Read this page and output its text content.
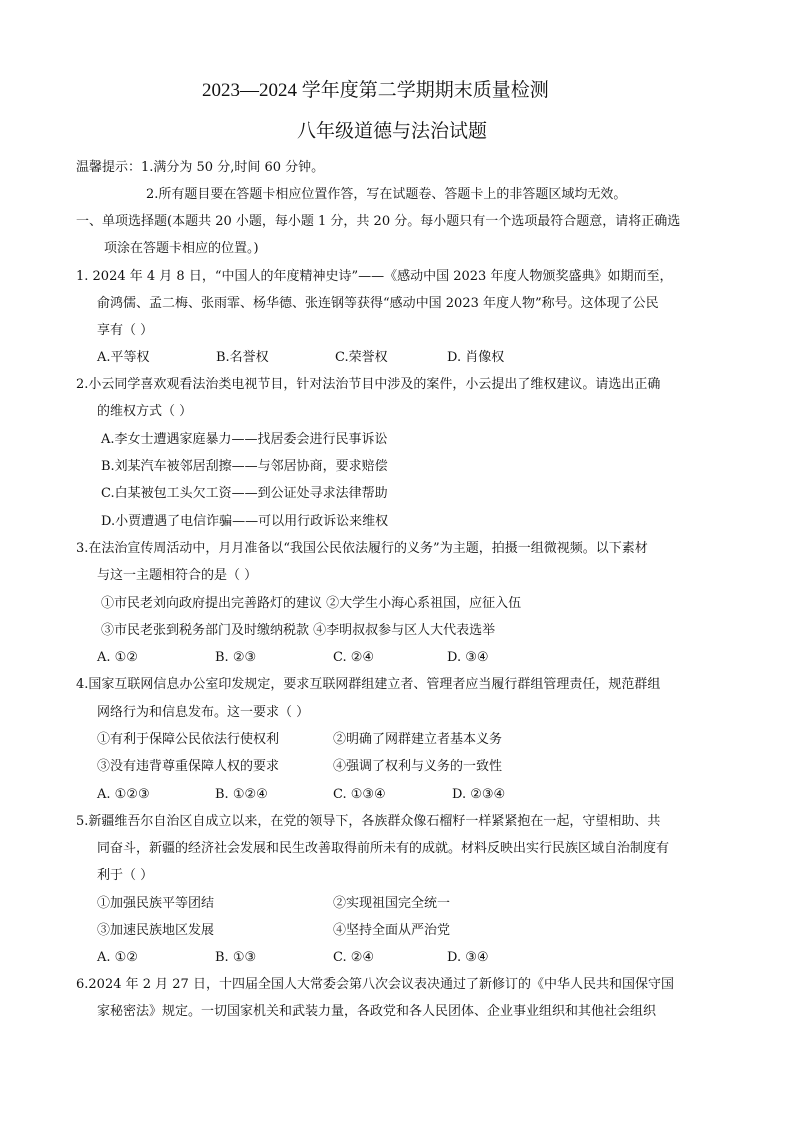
2023—2024 学年度第二学期期末质量检测
八年级道德与法治试题
温馨提示：1.满分为 50 分,时间 60 分钟。
2.所有题目要在答题卡相应位置作答，写在试题卷、答题卡上的非答题区域均无效。
一、单项选择题(本题共 20 小题，每小题 1 分，共 20 分。每小题只有一个选项最符合题意，请将正确选
项涂在答题卡相应的位置。)
1. 2024 年 4 月 8 日，“中国人的年度精神史诗”——《感动中国 2023 年度人物颁奖盛典》如期而至，
俞鸿儒、孟二梅、张雨霏、杨华德、张连钢等获得“感动中国 2023 年度人物”称号。这体现了公民
享有（ ）
A.平等权	B.名誉权	C.荣誉权	D. 肖像权
2.小云同学喜欢观看法治类电视节目，针对法治节目中涉及的案件，小云提出了维权建议。请选出正确
的维权方式（ ）
A.李女士遭遇家庭暴力——找居委会进行民事诉讼
B.刘某汽车被邻居刮擦——与邻居协商，要求赔偿
C.白某被包工头欠工资——到公证处寻求法律帮助
D.小贾遭遇了电信诈骗——可以用行政诉讼来维权
3.在法治宣传周活动中，月月准备以“我国公民依法履行的义务”为主题，拍摄一组微视频。以下素材
与这一主题相符合的是（ ）
①市民老刘向政府提出完善路灯的建议 ②大学生小海心系祖国，应征入伍
③市民老张到税务部门及时缴纳税款 ④李明叔叔参与区人大代表选举
A. ①②	B. ②③	C. ②④	D. ③④
4.国家互联网信息办公室印发规定，要求互联网群组建立者、管理者应当履行群组管理责任，规范群组
网络行为和信息发布。这一要求（ ）
①有利于保障公民依法行使权利	②明确了网群建立者基本义务
③没有违背尊重保障人权的要求	④强调了权利与义务的一致性
A. ①②③	B. ①②④	C. ①③④	D. ②③④
5.新疆维吾尔自治区自成立以来，在党的领导下，各族群众像石榴籽一样紧紧抱在一起，守望相助、共
同奋斗，新疆的经济社会发展和民生改善取得前所未有的成就。材料反映出实行民族区域自治制度有
利于（ ）
①加强民族平等团结	②实现祖国完全统一
③加速民族地区发展	④坚持全面从严治党
A. ①②	B. ①③	C. ②④	D. ③④
6.2024 年 2 月 27 日，十四届全国人大常委会第八次会议表决通过了新修订的《中华人民共和国保守国
家秘密法》规定。一切国家机关和武装力量，各政党和各人民团体、企业事业组织和其他社会组织
